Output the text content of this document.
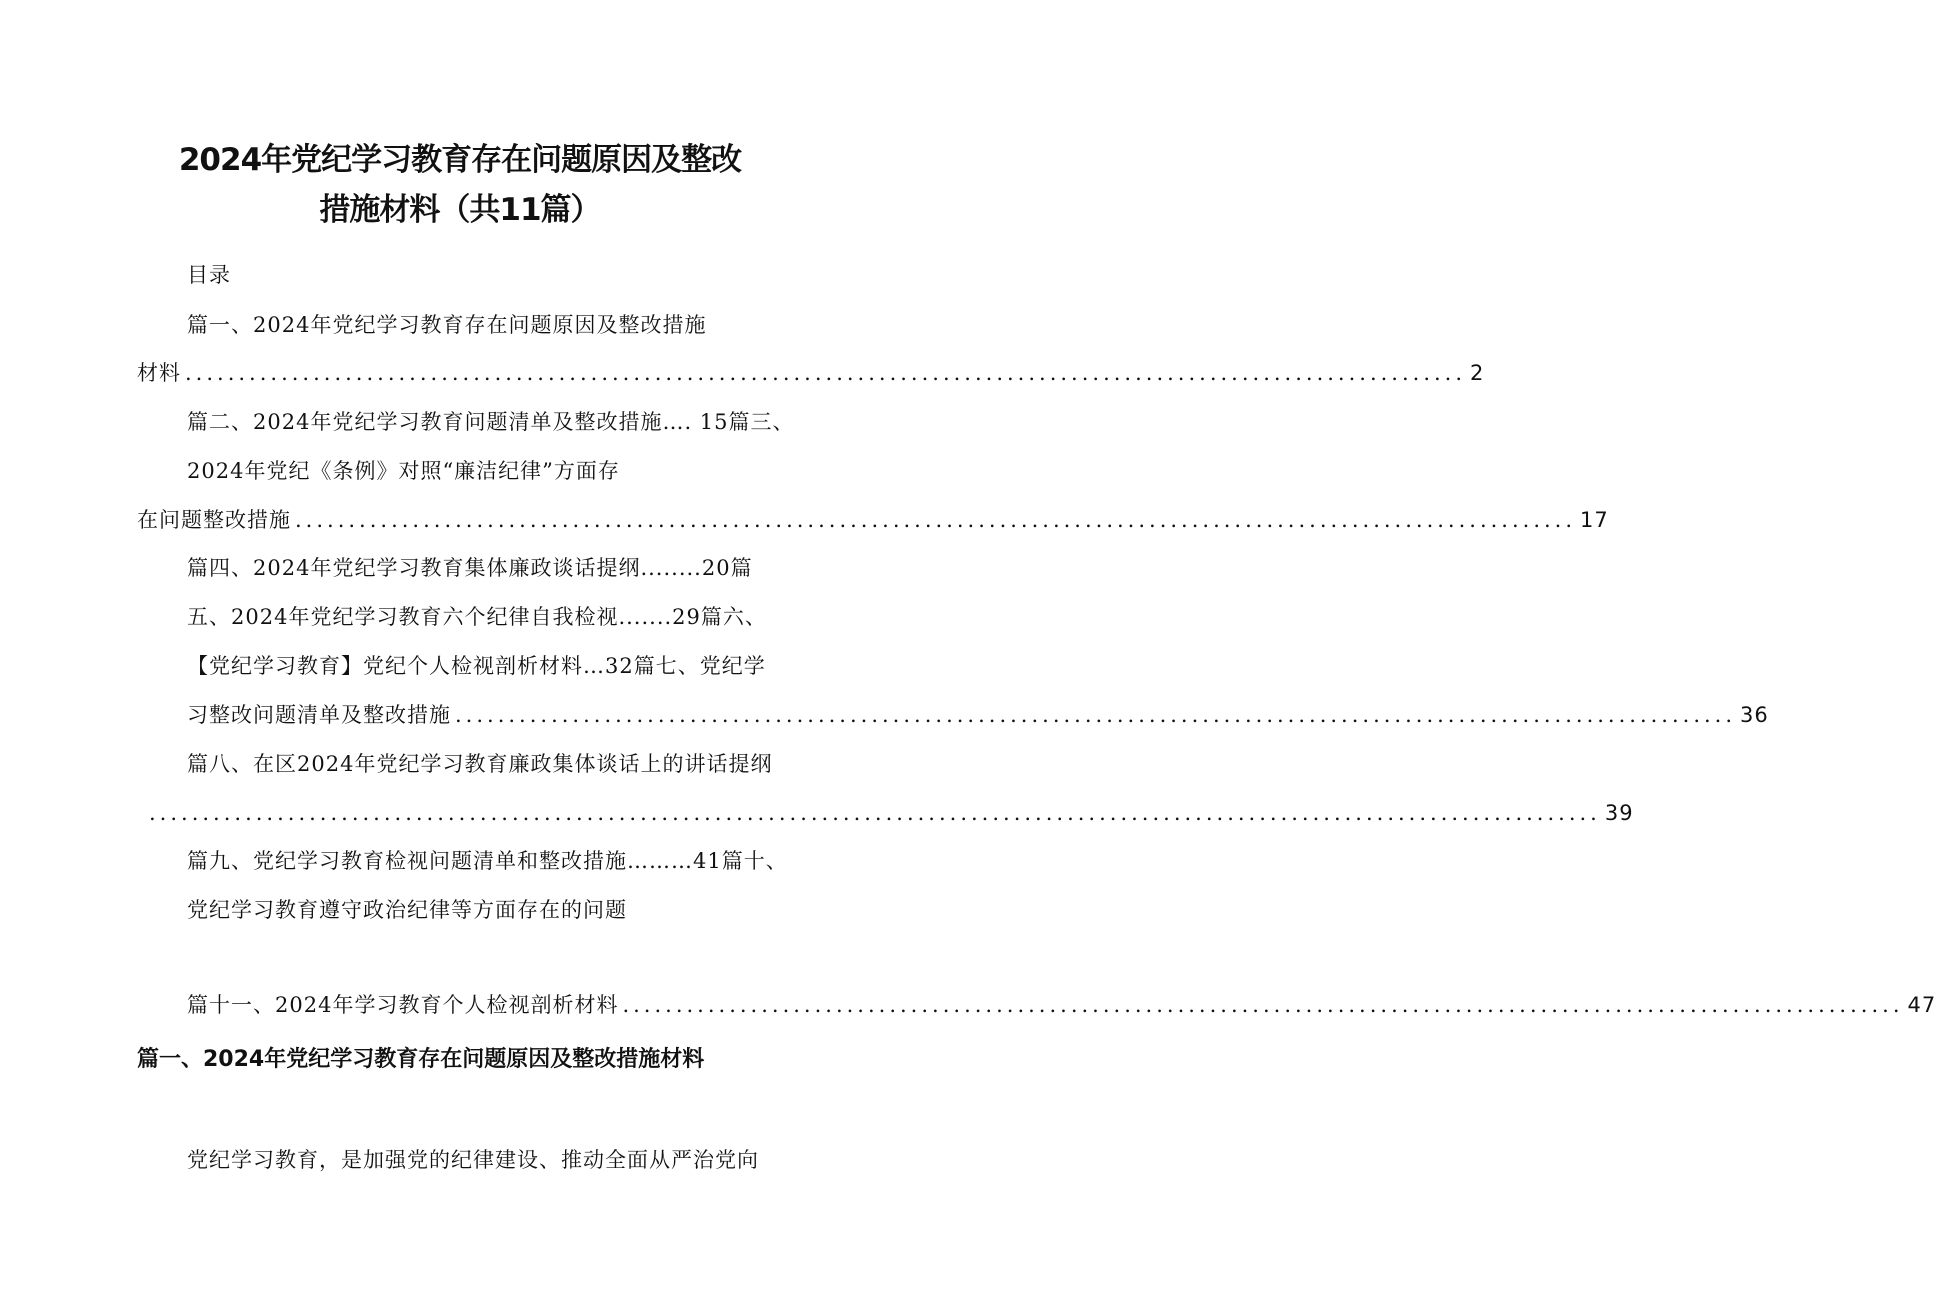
2024年党纪学习教育存在问题原因及整改
措施材料（共11篇）
目录
篇一、2024年党纪学习教育存在问题原因及整改措施
材料 ........................................................................................................................ 2
篇二、2024年党纪学习教育问题清单及整改措施…. 15篇三、
2024年党纪《条例》对照“廉洁纪律”方面存
在问题整改措施 ........................................................................................................................ 17
篇四、2024年党纪学习教育集体廉政谈话提纲........20篇
五、2024年党纪学习教育六个纪律自我检视.......29篇六、
【党纪学习教育】党纪个人检视剖析材料…32篇七、党纪学
习整改问题清单及整改措施 ........................................................................................................................ 36
篇八、在区2024年党纪学习教育廉政集体谈话上的讲话提纲
........................................................................................................................................ 39
篇九、党纪学习教育检视问题清单和整改措施………41篇十、
党纪学习教育遵守政治纪律等方面存在的问题
篇十一、2024年学习教育个人检视剖析材料 ........................................................................................................................ 47
篇一、2024年党纪学习教育存在问题原因及整改措施材料
党纪学习教育，是加强党的纪律建设、推动全面从严治党向
